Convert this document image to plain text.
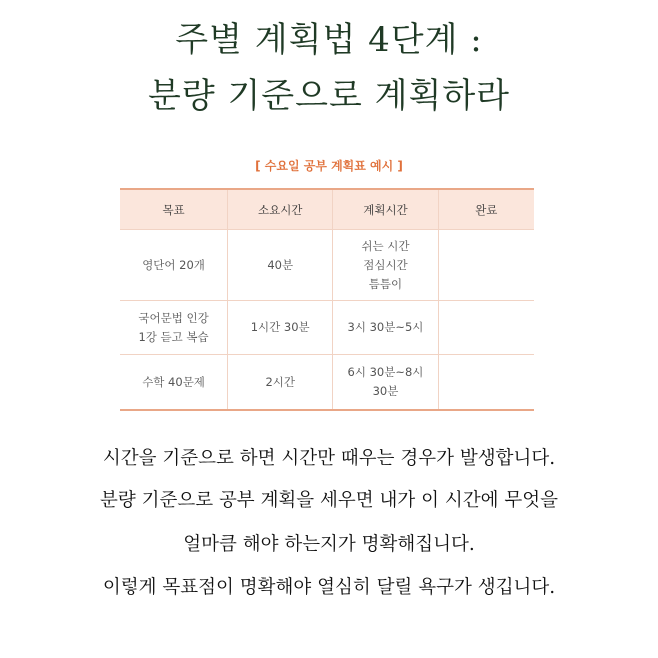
주별 계획법 4단계 :
분량 기준으로 계획하라
[ 수요일 공부 계획표 예시 ]
목표	소요시간	계획시간	완료

영단어 20개	40분	쉬는 시간
점심시간
틈틈이	

국어문법 인강
1강 듣고 복습	1시간 30분	3시 30분~5시	

수학 40문제	2시간	6시 30분~8시
30분	

시간을 기준으로 하면 시간만 때우는 경우가 발생합니다.
분량 기준으로 공부 계획을 세우면 내가 이 시간에 무엇을
얼마큼 해야 하는지가 명확해집니다.
이렇게 목표점이 명확해야 열심히 달릴 욕구가 생깁니다.
